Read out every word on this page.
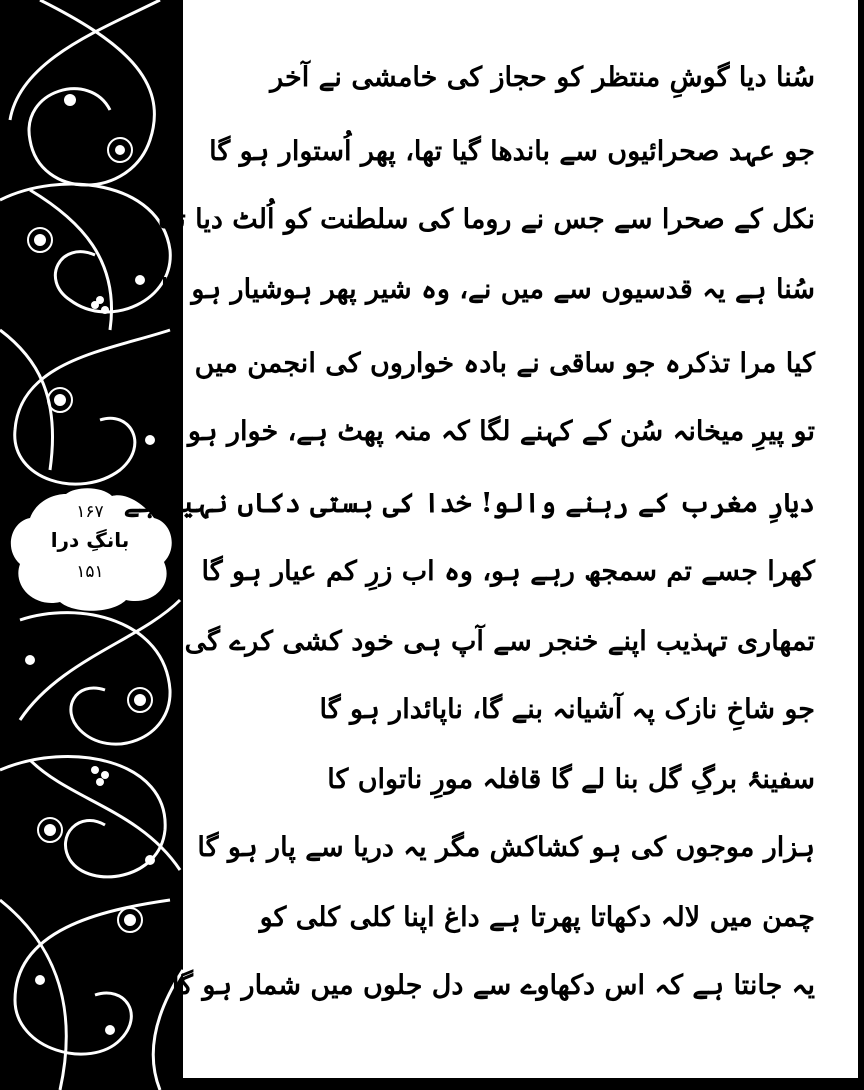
۱۶۷
بانگِ درا
۱۵۱
سُنا دیا گوشِ منتظر کو حجاز کی خامشی نے آخر
جو عہد صحرائیوں سے باندھا گیا تھا، پھر اُستوار ہو گا
نکل کے صحرا سے جس نے روما کی سلطنت کو اُلٹ دیا تھا
سُنا ہے یہ قدسیوں سے میں نے، وہ شیر پھر ہوشیار ہو گا
کیا مرا تذکرہ جو ساقی نے بادہ خواروں کی انجمن میں
تو پیرِ میخانہ سُن کے کہنے لگا کہ منہ پھٹ ہے، خوار ہو گا
دیارِ مغرب کے رہنے والو! خدا کی بستی دکاں نہیں ہے
کھرا جسے تم سمجھ رہے ہو، وہ اب زرِ کم عیار ہو گا
تمھاری تہذیب اپنے خنجر سے آپ ہی خود کشی کرے گی
جو شاخِ نازک پہ آشیانہ بنے گا، ناپائدار ہو گا
سفینۂ برگِ گل بنا لے گا قافلہ مورِ ناتواں کا
ہزار موجوں کی ہو کشاکش مگر یہ دریا سے پار ہو گا
چمن میں لالہ دکھاتا پھرتا ہے داغ اپنا کلی کلی کو
یہ جانتا ہے کہ اس دکھاوے سے دل جلوں میں شمار ہو گا
